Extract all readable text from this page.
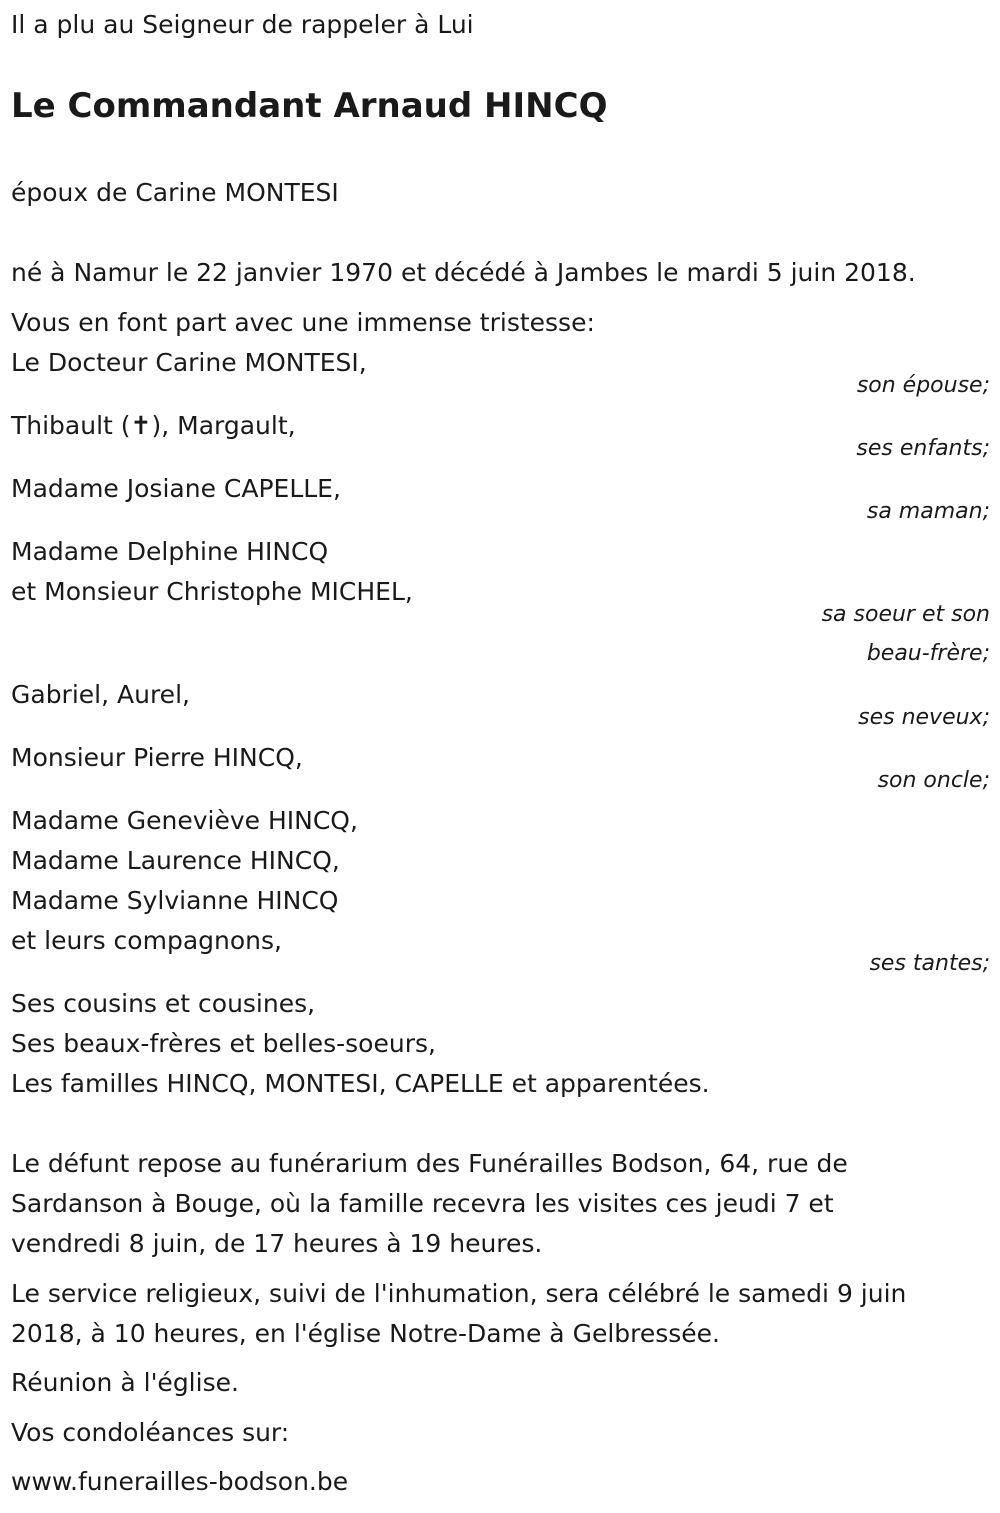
Il a plu au Seigneur de rappeler à Lui
Le Commandant Arnaud HINCQ
époux de Carine MONTESI
né à Namur le 22 janvier 1970 et décédé à Jambes le mardi 5 juin 2018.
Vous en font part avec une immense tristesse:
Le Docteur Carine MONTESI,
son épouse;
Thibault (✝), Margault,
ses enfants;
Madame Josiane CAPELLE,
sa maman;
Madame Delphine HINCQ
et Monsieur Christophe MICHEL,
sa soeur et son
beau-frère;
Gabriel, Aurel,
ses neveux;
Monsieur Pierre HINCQ,
son oncle;
Madame Geneviève HINCQ,
Madame Laurence HINCQ,
Madame Sylvianne HINCQ
et leurs compagnons,
ses tantes;
Ses cousins et cousines,
Ses beaux-frères et belles-soeurs,
Les familles HINCQ, MONTESI, CAPELLE et apparentées.
Le défunt repose au funérarium des Funérailles Bodson, 64, rue de
Sardanson à Bouge, où la famille recevra les visites ces jeudi 7 et
vendredi 8 juin, de 17 heures à 19 heures.
Le service religieux, suivi de l'inhumation, sera célébré le samedi 9 juin
2018, à 10 heures, en l'église Notre-Dame à Gelbressée.
Réunion à l'église.
Vos condoléances sur:
www.funerailles-bodson.be
